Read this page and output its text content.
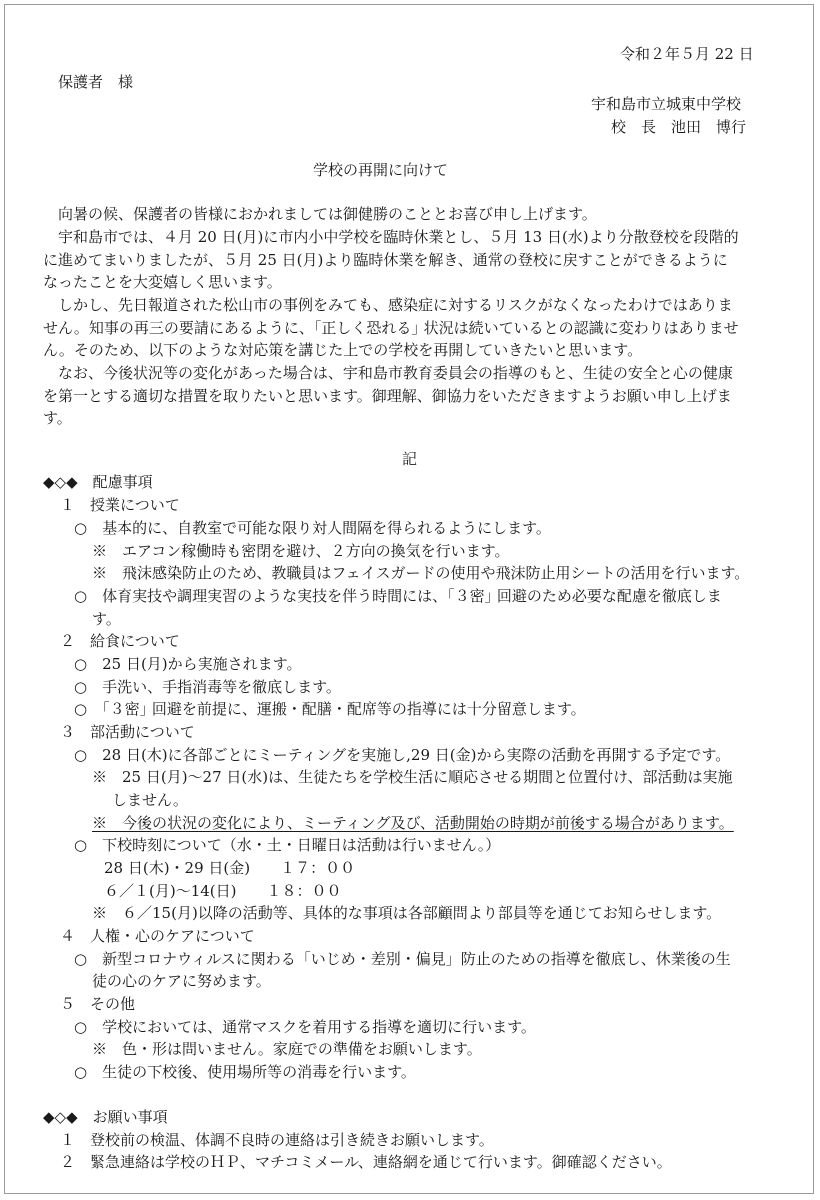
令和２年５月 22 日
保護者　様
宇和島市立城東中学校
校　長　池田　博行
学校の再開に向けて
向暑の候、保護者の皆様におかれましては御健勝のこととお喜び申し上げます。
宇和島市では、４月 20 日(月)に市内小中学校を臨時休業とし、５月 13 日(水)より分散登校を段階的
に進めてまいりましたが、５月 25 日(月)より臨時休業を解き、通常の登校に戻すことができるように
なったことを大変嬉しく思います。
しかし、先日報道された松山市の事例をみても、感染症に対するリスクがなくなったわけではありま
せん。知事の再三の要請にあるように、｢正しく恐れる｣ 状況は続いているとの認識に変わりはありませ
ん。そのため、以下のような対応策を講じた上での学校を再開していきたいと思います。
なお、今後状況等の変化があった場合は、宇和島市教育委員会の指導のもと、生徒の安全と心の健康
を第一とする適切な措置を取りたいと思います。御理解、御協力をいただきますようお願い申し上げま
す。
記
◆◇◆　配慮事項
１　授業について
○　基本的に、自教室で可能な限り対人間隔を得られるようにします。
※　エアコン稼働時も密閉を避け、２方向の換気を行います。
※　飛沫感染防止のため、教職員はフェイスガードの使用や飛沫防止用シートの活用を行います。
○　体育実技や調理実習のような実技を伴う時間には、｢３密｣ 回避のため必要な配慮を徹底しま
す。
２　給食について
○　25 日(月)から実施されます。
○　手洗い、手指消毒等を徹底します。
○　｢３密｣ 回避を前提に、運搬・配膳・配席等の指導には十分留意します。
３　部活動について
○　28 日(木)に各部ごとにミーティングを実施し,29 日(金)から実際の活動を再開する予定です。
※　25 日(月)～27 日(水)は、生徒たちを学校生活に順応させる期間と位置付け、部活動は実施
しません。
※　今後の状況の変化により、ミーティング及び、活動開始の時期が前後する場合があります。
○　下校時刻について（水・土・日曜日は活動は行いません。）
28 日(木)・29 日(金)　　１７：００
６／１(月)～14(日)　　１８：００
※　６／15(月)以降の活動等、具体的な事項は各部顧問より部員等を通じてお知らせします。
４　人権・心のケアについて
○　新型コロナウィルスに関わる「いじめ・差別・偏見」防止のための指導を徹底し、休業後の生
徒の心のケアに努めます。
５　その他
○　学校においては、通常マスクを着用する指導を適切に行います。
※　色・形は問いません。家庭での準備をお願いします。
○　生徒の下校後、使用場所等の消毒を行います。
◆◇◆　お願い事項
１　登校前の検温、体調不良時の連絡は引き続きお願いします。
２　緊急連絡は学校のＨＰ、マチコミメール、連絡網を通じて行います。御確認ください。
